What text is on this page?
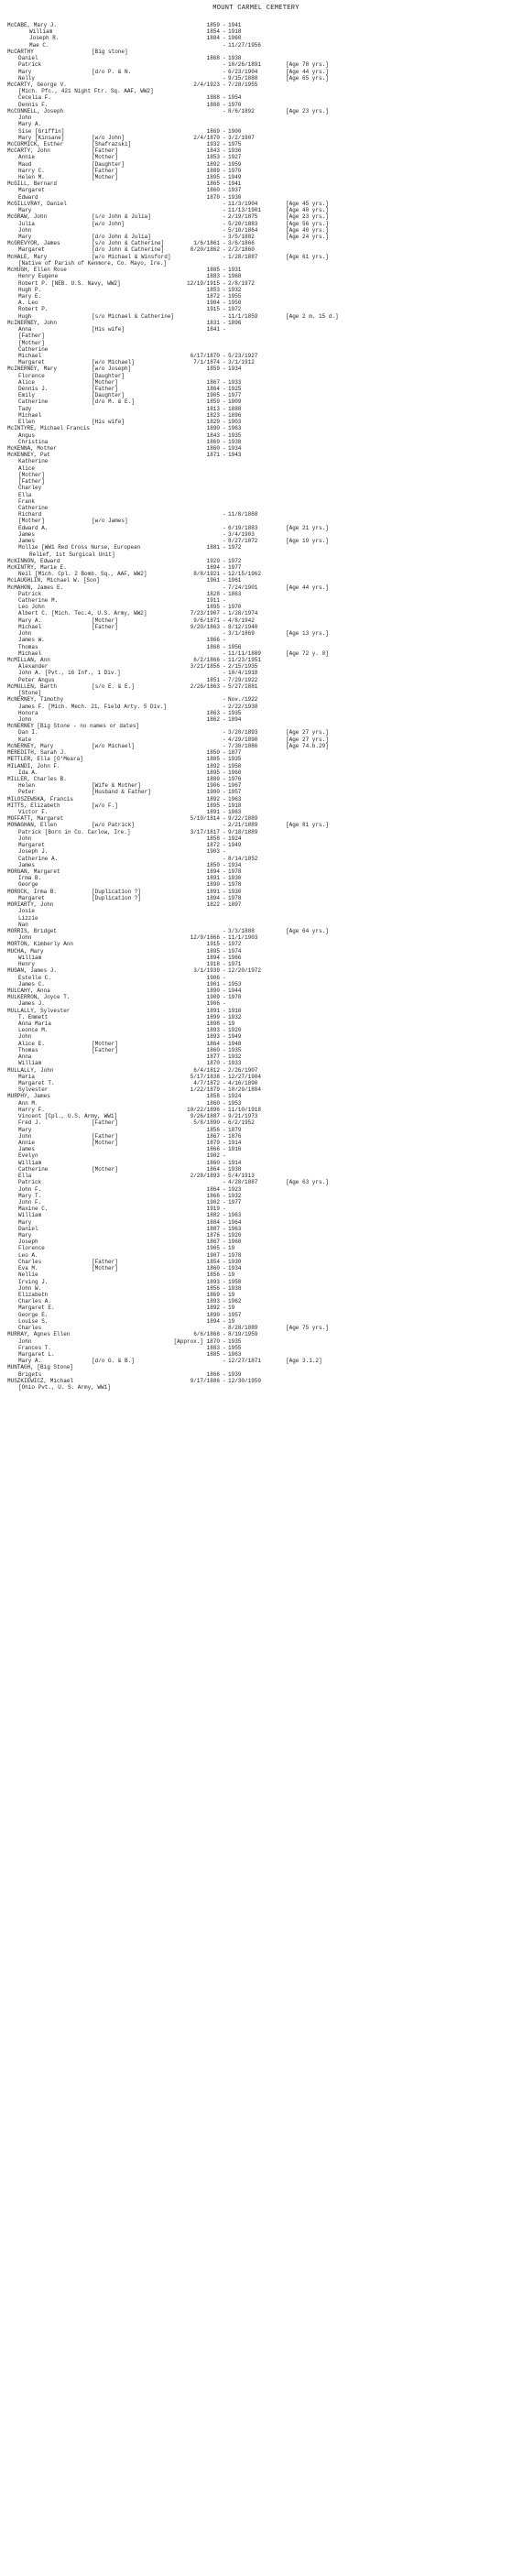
MOUNT CARMEL CEMETERY
McCABE, Mary J.	1859 - 1941
William	1854 - 1918
Joseph R.	1884 - 1960
Mae C.	- 11/27/1956
McCARTHY	[Big stone]
Daniel	1868 - 1938
Patrick	- 10/26/1891	[Age 78 yrs.]
Mary	[d/o P. & N.	- 6/23/1904	[Age 44 yrs.]
Nelly	- 9/15/1888	[Age 65 yrs.]
McCARTY, George V.	2/4/1923 - 7/28/1955
[Mich. Pfc., 421 Night Ftr. Sq. AAF, WW2]
Cecelia F.	1888 - 1954
Dennis F.	1888 - 1970
McCONNELL, Joseph	- 8/6/1892	[Age 23 yrs.]
John
Mary A.
Sise [Griffin]	1869 - 1900
Mary [Kinsane]	[w/o John]	2/4/1870 - 3/2/1907
McCORMICK, Esther	[Shafrazski]	1932 - 1975
McCARTY, John	[Father]	1843 - 1936
Annie	[Mother]	1853 - 1927
Maud	[Daughter]	1892 - 1959
Harry C.	[Father]	1889 - 1970
Helen M.	[Mother]	1895 - 1949
McGILL, Bernard	1865 - 1941
Margaret	1860 - 1937
Edward	1870 - 1930
McGILLVRAY, Daniel	- 11/3/1904	[Age 45 yrs.]
Mary	- 11/13/1901	[Age 40 yrs.]
McGRAW, John	[s/o John & Julia]	- 2/19/1875	[Age 23 yrs.]
Julia	[w/o John]	- 5/20/1883	[Age 56 yrs.]
John	- 5/10/1864	[Age 40 yrs.]
Mary	[d/o John & Julia]	- 3/5/1882	[Age 24 yrs.]
McGREVYOR, James	[s/o John & Catherine]	1/6/1861 - 3/6/1866
Margaret	[d/o John & Catherine]	8/20/1862 - 2/2/1860
McHALE, Mary	[w/o Michael & Winsford]	- 1/28/1887	[Age 61 yrs.]
[Native of Parish of Kenmore, Co. Mayo, Ire.]
McHUGH, Ellen Rose	1885 - 1931
Henry Eugene	1883 - 1968
Robert P. [NEB. U.S. Navy, WW2]	12/19/1915 - 2/8/1972
Hugh P.	1853 - 1932
Mary E.	1872 - 1955
A. Leo	1904 - 1950
Robert P.	1915 - 1972
Hugh	[s/o Michael & Catherine]	- 11/1/1859	[Age 2 m. 15 d.]
McINERNEY, John	1831 - 1896
Anna	[His wife]	1841 -
[Father]
[Mother]
Catherine
Michael	6/17/1870 - 5/23/1927
Margaret	[w/o Michael]	7/1/1874 - 3/1/1912
McINERNEY, Mary	[w/o Joseph]	1859 - 1934
Florence	[Daughter]
Alice	[Mother]	1867 - 1933
Dennis J.	[Father]	1864 - 1925
Emily	[Daughter]	1905 - 1977
Catherine	[d/o M. & E.]	1859 - 1909
Tady	1813 - 1888
Michael	1823 - 1896
Ellen	[His wife]	1829 - 1903
McINTYRE, Michael Francis	1890 - 1963
Angus	1843 - 1935
Christina	1869 - 1938
McKENNA, Mother	1860 - 1934
McKENNEY, Pat	1871 - 1943
Katherine
Alice
[Mother]
[Father]
Charley
Ella
Frank
Catherine
Richard	- 11/8/1868
[Mother]	[w/o James]
Edward A.	- 6/19/1883	[Age 21 yrs.]
James	- 3/4/1903
James	- 8/27/1872	[Age 19 yrs.]
Mollie [WW1 Red Cross Nurse, European	1881 - 1972
Relief, 1st Surgical Unit]
McKINNON, Edward	1929 - 1972
McKINTRY, Marie E.	1894 - 1977
Neil [Mich. Cpl. 2 Bomb. Sq., AAF, WW2]	8/8/1921 - 12/15/1962
McLAUGHLIN, Michael W. [Son]	1961 - 1961
McMAHON, James E.	- 7/24/1901	[Age 44 yrs.]
Patrick	1828 - 1863
Catherine M.	1911 -
Leo John	1895 - 1970
Albert C. [Mich. Tec.4, U.S. Army, WW2]	7/23/1907 - 1/28/1974
Mary A.	[Mother]	9/6/1871 - 4/8/1942
Michael	[Father]	9/20/1863 - 8/12/1940
John	- 3/1/1869	[Age 13 yrs.]
James W.	1866 -
Thomas	1868 - 1956
Michael	- 11/11/1889	[Age 72 y. 8]
McMILLAN, Ann	6/2/1866 - 11/23/1951
Alexander	3/21/1856 - 2/15/1935
John A. [Pvt., 16 Inf., 1 Div.]	- 10/4/1918
Peter Angus	1851 - 7/29/1922
McMULLEN, Barth	[s/o E. & E.]	2/26/1863 - 5/27/1881
[Stone]
McNERNEY, Timothy	- Nov./1922
James F. [Mich. Mech. 21, Field Arty. 5 Div.]	- 2/22/1938
Honora	1863 - 1935
John	1862 - 1894
McNERNEY [Big Stone - no names or dates]
Dan I.	- 3/20/1893	[Age 27 yrs.]
Kate	- 4/29/1890	[Age 27 yrs.]
McNERNEY, Mary	[w/o Michael]	- 7/30/1886	[Age 74.b.29]
MEREDITH, Sarah J.	1850 - 1877
METTLER, Ella [O'Meara]	1885 - 1935
MILANDI, John F.	1892 - 1958
Ida A.	1895 - 1960
MILLER, Charles B.	1889 - 1976
Helen	[Wife & Mother]	1906 - 1967
Peter	[Husband & Father]	1900 - 1957
MILOSZEWSKA, Francis	1892 - 1963
MITTS, Elizabeth	[w/o F.]	1895 - 1918
Victor F.	1891 - 1963
MOFFATT, Margaret	5/10/1814 - 9/22/1889
MONAGHAN, Ellen	[w/o Patrick]	- 2/21/1889	[Age 81 yrs.]
Patrick [Born in Co. Carlow, Ire.]	3/17/1817 - 9/18/1889
John	1858 - 1924
Margaret	1872 - 1949
Joseph J.	1903 -
Catherine A.	- 8/14/1852
James	1850 - 1934
MORGAN, Margaret	1894 - 1978
Irma B.	1891 - 1930
George	1890 - 1978
MOROCK, Irma B.	[Duplication ?]	1891 - 1930
Margaret	[Duplication ?]	1894 - 1978
MORIARTY, John	1822 - 1897
Josie
Lizzie
Nan
MORRIS, Bridget	- 3/3/1888	[Age 64 yrs.]
John	12/9/1866 - 11/1/1903
MORTON, Kimberly Ann	1915 - 1972
MUCHA, Mary	1895 - 1974
William	1894 - 1966
Henry	1918 - 1971
MUGAN, James J.	3/1/1939 - 12/20/1972
Estelle C.	1906 -
James C.	1901 - 1953
MULCAHY, Anna	1890 - 1944
MULKERRON, Joyce T.	1909 - 1970
James J.	1906 -
MULLALLY, Sylvester	1891 - 1916
T. Emmett	1899 - 1932
Anna Maria	1898 - 19
Leonce M.	1893 - 1920
John	1893 - 1949
Alice E.	[Mother]	1864 - 1948
Thomas	[Father]	1860 - 1935
Anna	1877 - 1932
William	1870 - 1933
MULLALLY, John	6/4/1812 - 2/26/1907
Maria	5/17/1838 - 12/27/1904
Margaret T.	4/7/1872 - 4/16/1890
Sylvester	1/22/1879 - 10/29/1884
MURPHY, James	1858 - 1924
Ann M.	1860 - 1953
Harry F.	10/22/1896 - 11/10/1918
Vincent [Cpl., U.S. Army, WW1]	9/26/1887 - 9/21/1973
Fred J.	[Father]	5/8/1890 - 6/2/1952
Mary	1856 - 1879
John	[Father]	1867 - 1876
Annie	[Mother]	1879 - 1914
James	1866 - 1916
Evelyn	1902 -
William	1860 - 1914
Catherine	[Mother]	1864 - 1938
Ella	2/28/1893 - 5/4/1913
Patrick	- 4/28/1887	[Age 63 yrs.]
John F.	1864 - 1923
Mary T.	1866 - 1932
John F.	1902 - 1977
Maxine C.	1919 -
William	1882 - 1963
Mary	1884 - 1964
Daniel	1887 - 1963
Mary	1876 - 1920
Joseph	1867 - 1960
Florence	1905 - 19
Leo A.	1907 - 1978
Charles	[Father]	1854 - 1930
Eva M.	[Mother]	1860 - 1934
Nellie	1856 - 19
Irving J.	1893 - 1958
John W.	1856 - 1938
Elizabeth	1869 - 19
Charles A.	1893 - 1962
Margaret E.	1892 - 19
George E.	1890 - 1957
Louise S.	1894 - 19
Charles	- 8/28/1889	[Age 75 yrs.]
MURRAY, Agnes Ellen	6/6/1868 - 8/19/1959
John	[Approx.] 1870 - 1935
Frances T.	1883 - 1955
Margaret L.	1885 - 1963
Mary A.	[d/o G. & B.]	- 12/27/1871	[Age 3.1.2]
MUNTAGH, [Big Stone]
Brigets	1866 - 1939
MUSZKIEWICZ, Michael	9/17/1886 - 12/30/1959
[Ohio Pvt., U. S. Army, WW1]
